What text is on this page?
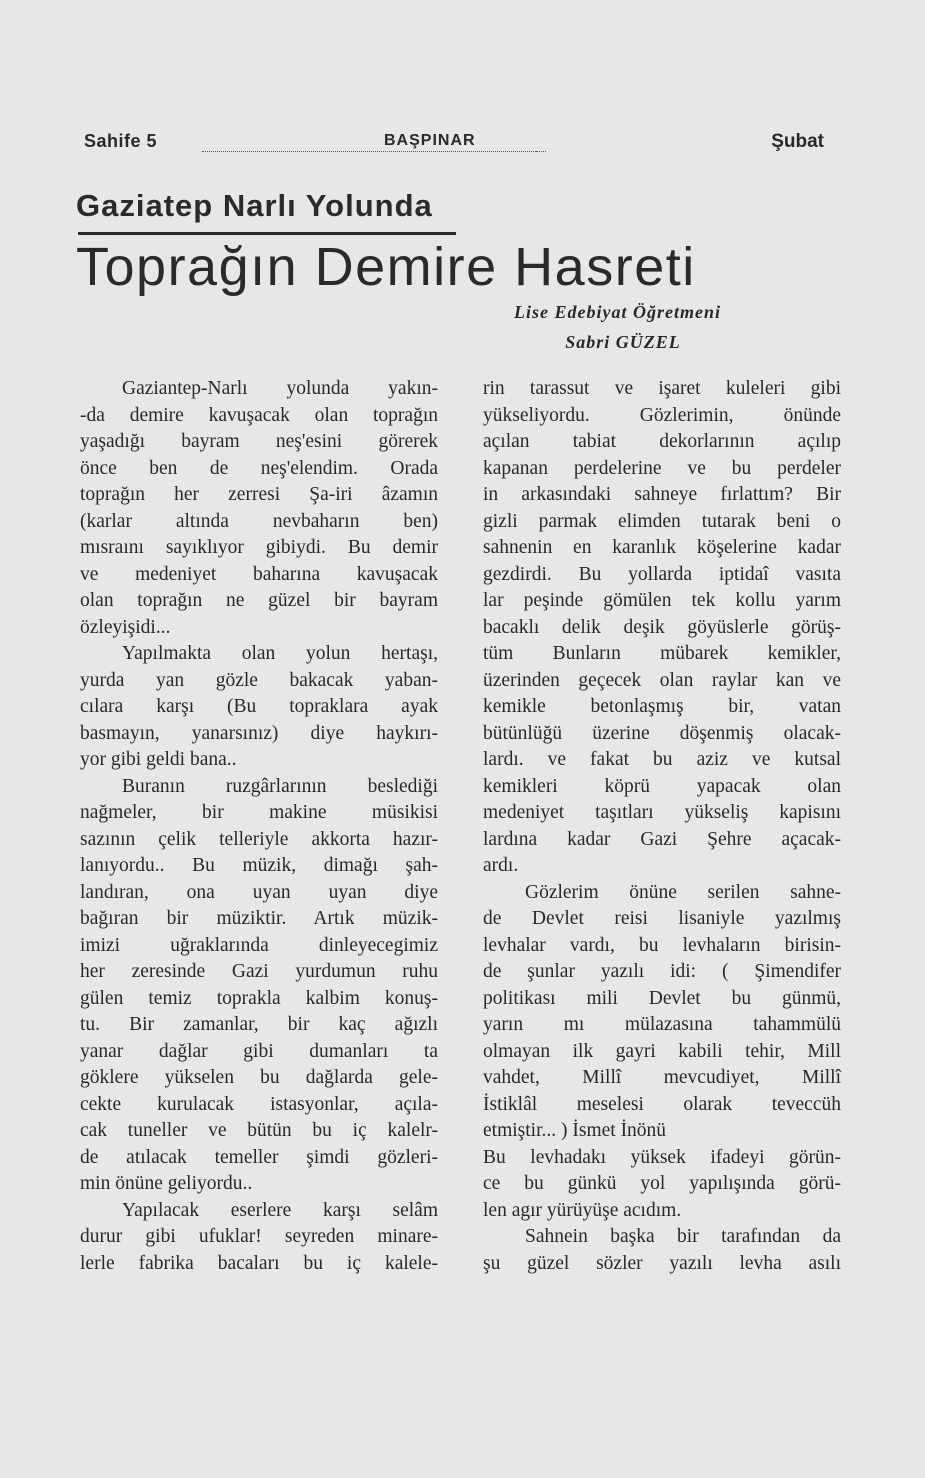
Sahife 5	BAŞPINAR	Şubat
Gaziatep Narlı Yolunda
Toprağın Demire Hasreti
Lise Edebiyat Öğretmeni
Sabri GÜZEL
Gaziantep-Narlı yolunda yakın-
-da demire kavuşacak olan toprağın
yaşadığı bayram neş'esini görerek
önce ben de neş'elendim. Orada
toprağın her zerresi Şa-iri âzamın
(karlar altında nevbaharın ben)
mısraını sayıklıyor gibiydi. Bu demir
ve medeniyet baharına kavuşacak
olan toprağın ne güzel bir bayram
özleyişidi...
Yapılmakta olan yolun hertaşı,
yurda yan gözle bakacak yaban-
cılara karşı (Bu topraklara ayak
basmayın, yanarsınız) diye haykırı-
yor gibi geldi bana..
Buranın ruzgârlarının beslediği
nağmeler, bir makine müsikisi
sazının çelik telleriyle akkorta hazır-
lanıyordu.. Bu müzik, dimağı şah-
landıran, ona uyan uyan diye
bağıran bir müziktir. Artık müzik-
imizi uğraklarında dinleyecegimiz
her zeresinde Gazi yurdumun ruhu
gülen temiz toprakla kalbim konuş-
tu. Bir zamanlar, bir kaç ağızlı
yanar dağlar gibi dumanları ta
göklere yükselen bu dağlarda gele-
cekte kurulacak istasyonlar, açıla-
cak tuneller ve bütün bu iç kalelr-
de atılacak temeller şimdi gözleri-
min önüne geliyordu..
Yapılacak eserlere karşı selâm
durur gibi ufuklar! seyreden minare-
lerle fabrika bacaları bu iç kalele-
rin tarassut ve işaret kuleleri gibi
yükseliyordu. Gözlerimin, önünde
açılan tabiat dekorlarının açılıp
kapanan perdelerine ve bu perdeler
in arkasındaki sahneye fırlattım? Bir
gizli parmak elimden tutarak beni o
sahnenin en karanlık köşelerine kadar
gezdirdi. Bu yollarda iptidaî vasıta
lar peşinde gömülen tek kollu yarım
bacaklı delik deşik göyüslerle görüş-
tüm Bunların mübarek kemikler,
üzerinden geçecek olan raylar kan ve
kemikle betonlaşmış bir, vatan
bütünlüğü üzerine döşenmiş olacak-
lardı. ve fakat bu aziz ve kutsal
kemikleri köprü yapacak olan
medeniyet taşıtları yükseliş kapisını
lardına kadar Gazi Şehre açacak-
ardı.
Gözlerim önüne serilen sahne-
de Devlet reisi lisaniyle yazılmış
levhalar vardı, bu levhaların birisin-
de şunlar yazılı idi: ( Şimendifer
politikası mili Devlet bu günmü,
yarın mı mülazasına tahammülü
olmayan ilk gayri kabili tehir, Mill
vahdet, Millî mevcudiyet, Millî
İstiklâl meselesi olarak teveccüh
etmiştir... ) İsmet İnönü
Bu levhadakı yüksek ifadeyi görün-
ce bu günkü yol yapılışında görü-
len agır yürüyüşe acıdım.
Sahnein başka bir tarafından da
şu güzel sözler yazılı levha asılı
